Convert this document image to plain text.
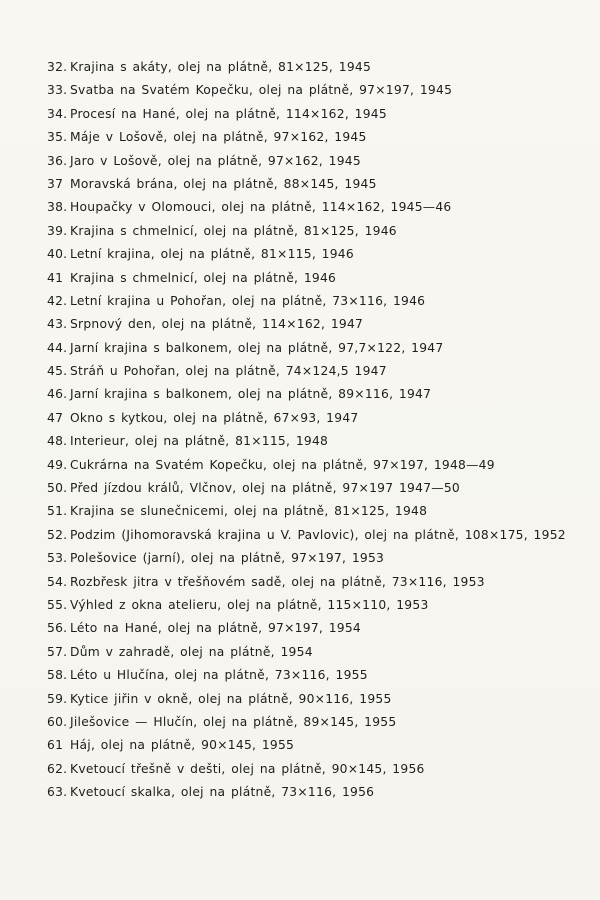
32. Krajina s akáty, olej na plátně, 81×125, 1945
33. Svatba na Svatém Kopečku, olej na plátně, 97×197, 1945
34. Procesí na Hané, olej na plátně, 114×162, 1945
35. Máje v Lošově, olej na plátně, 97×162, 1945
36. Jaro v Lošově, olej na plátně, 97×162, 1945
37 Moravská brána, olej na plátně, 88×145, 1945
38. Houpačky v Olomouci, olej na plátně, 114×162, 1945—46
39. Krajina s chmelnicí, olej na plátně, 81×125, 1946
40. Letní krajina, olej na plátně, 81×115, 1946
41 Krajina s chmelnicí, olej na plátně, 1946
42. Letní krajina u Pohořan, olej na plátně, 73×116, 1946
43. Srpnový den, olej na plátně, 114×162, 1947
44. Jarní krajina s balkonem, olej na plátně, 97,7×122, 1947
45. Stráň u Pohořan, olej na plátně, 74×124,5 1947
46. Jarní krajina s balkonem, olej na plátně, 89×116, 1947
47 Okno s kytkou, olej na plátně, 67×93, 1947
48. Interieur, olej na plátně, 81×115, 1948
49. Cukrárna na Svatém Kopečku, olej na plátně, 97×197, 1948—49
50. Před jízdou králů, Vlčnov, olej na plátně, 97×197 1947—50
51. Krajina se slunečnicemi, olej na plátně, 81×125, 1948
52. Podzim (Jihomoravská krajina u V. Pavlovic), olej na plátně, 108×175, 1952
53. Polešovice (jarní), olej na plátně, 97×197, 1953
54. Rozbřesk jitra v třešňovém sadě, olej na plátně, 73×116, 1953
55. Výhled z okna atelieru, olej na plátně, 115×110, 1953
56. Léto na Hané, olej na plátně, 97×197, 1954
57. Dům v zahradě, olej na plátně, 1954
58. Léto u Hlučína, olej na plátně, 73×116, 1955
59. Kytice jiřin v okně, olej na plátně, 90×116, 1955
60. Jilešovice — Hlučín, olej na plátně, 89×145, 1955
61 Háj, olej na plátně, 90×145, 1955
62. Kvetoucí třešně v dešti, olej na plátně, 90×145, 1956
63. Kvetoucí skalka, olej na plátně, 73×116, 1956
